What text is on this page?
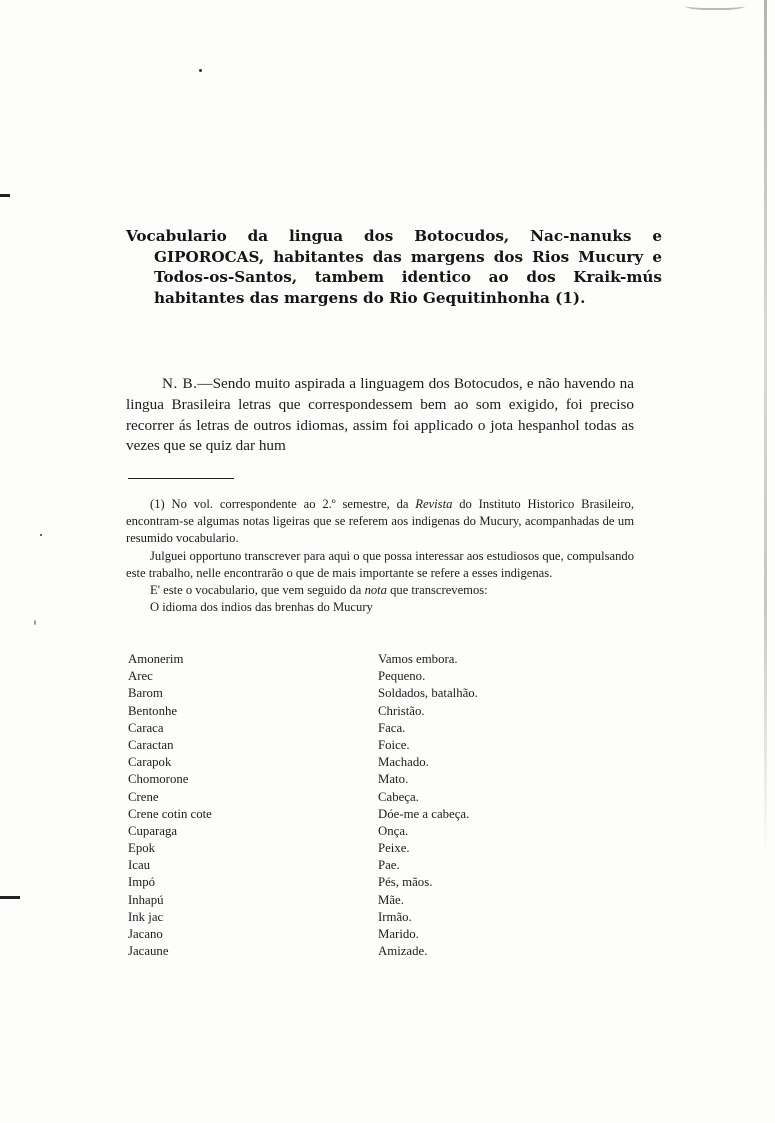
Vocabulario da lingua dos Botocudos, Nac-nanuks e GIPOROCAS, habitantes das margens dos Rios Mucury e Todos-os-Santos, tambem identico ao dos Kraik-mús habitantes das margens do Rio Gequitinhonha (1).

N. B.—Sendo muito aspirada a linguagem dos Botocudos, e não havendo na lingua Brasileira letras que correspondessem bem ao som exigido, foi preciso recorrer ás letras de outros idiomas, assim foi applicado o jota hespanhol todas as vezes que se quiz dar hum

(1) No vol. correspondente ao 2.º semestre, da Revista do Instituto Historico Brasileiro, encontram-se algumas notas ligeiras que se referem aos indigenas do Mucury, acompanhadas de um resumido vocabulario.

Julguei opportuno transcrever para aqui o que possa interessar aos estudiosos que, compulsando este trabalho, nelle encontrarão o que de mais importante se refere a esses indigenas.

E' este o vocabulario, que vem seguido da nota que transcrevemos:

O idioma dos indios das brenhas do Mucury

Amonerim	Vamos embora.
Arec	Pequeno.
Barom	Soldados, batalhão.
Bentonhe	Christão.
Caraca	Faca.
Caractan	Foice.
Carapok	Machado.
Chomorone	Mato.
Crene	Cabeça.
Crene cotin cote	Dóe-me a cabeça.
Cuparaga	Onça.
Epok	Peixe.
Icau	Pae.
Impó	Pés, mãos.
Inhapú	Mãe.
Ink jac	Irmão.
Jacano	Marido.
Jacaune	Amizade.
